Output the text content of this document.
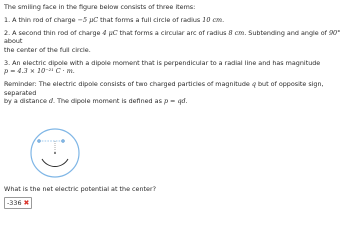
The smiling face in the figure below consists of three items:

1. A thin rod of charge −5 μC that forms a full circle of radius 10 cm.

2. A second thin rod of charge 4 μC that forms a circular arc of radius 8 cm. Subtending and angle of 90° about

the center of the full circle.

3. An electric dipole with a dipole moment that is perpendicular to a radial line and has magnitude

p = 4.3 × 10⁻²¹ C · m.

Reminder: The electric dipole consists of two charged particles of magnitude q but of opposite sign, separated

by a distance d. The dipole moment is defined as p = qd.

What is the net electric potential at the center?

-336 ✖
